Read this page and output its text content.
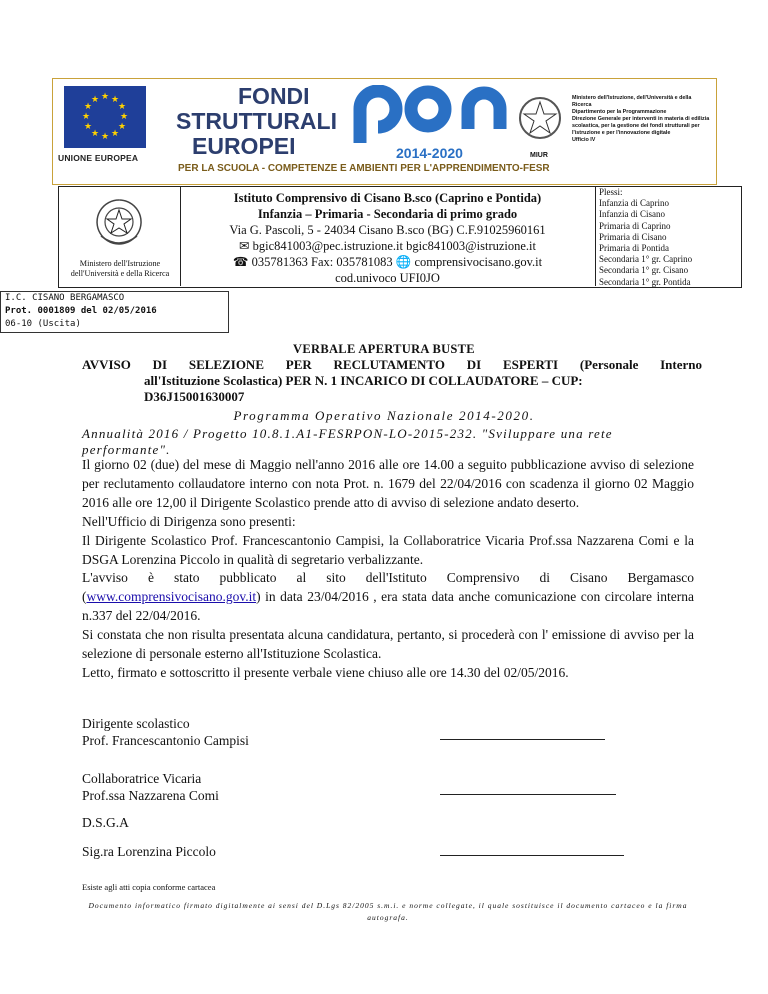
★ ★
★
★
★
★
★
★
★
★
★
★
UNIONE EUROPEA
FONDI
STRUTTURALI
EUROPEI	2014-2020
PER LA SCUOLA - COMPETENZE E AMBIENTI PER L'APPRENDIMENTO-FESR
MIUR
Ministero dell'Istruzione, dell'Università e della Ricerca
Dipartimento per la Programmazione
Direzione Generale per interventi in materia di edilizia
scolastica, per la gestione dei fondi strutturali per
l'istruzione e per l'innovazione digitale
Ufficio IV
Ministero dell'Istruzione dell'Università e della Ricerca
Istituto Comprensivo di Cisano B.sco (Caprino e Pontida)
Infanzia – Primaria - Secondaria di primo grado
Via G. Pascoli, 5 - 24034 Cisano B.sco (BG) C.F.91025960161
✉ bgic841003@pec.istruzione.it bgic841003@istruzione.it
☎ 035781363 Fax: 035781083 🌐 comprensivocisano.gov.it
cod.univoco UFI0JO
Plessi:
Infanzia di Caprino
Infanzia di Cisano
Primaria di Caprino
Primaria di Cisano
Primaria di Pontida
Secondaria 1° gr. Caprino
Secondaria 1° gr. Cisano
Secondaria 1° gr. Pontida
I.C. CISANO BERGAMASCO
Prot. 0001809 del 02/05/2016
06-10 (Uscita)
VERBALE APERTURA BUSTE
AVVISO DI SELEZIONE PER RECLUTAMENTO DI ESPERTI (Personale Interno
all'Istituzione Scolastica) PER N. 1 INCARICO DI COLLAUDATORE – CUP:
D36J15001630007
Programma Operativo Nazionale 2014-2020.
Annualità 2016 / Progetto 10.8.1.A1-FESRPON-LO-2015-232. "Sviluppare una rete performante".

Il giorno 02 (due) del mese di Maggio nell'anno 2016 alle ore 14.00 a seguito pubblicazione avviso di selezione per reclutamento collaudatore interno con nota Prot. n. 1679 del 22/04/2016 con scadenza il giorno 02 Maggio 2016 alle ore 12,00 il Dirigente Scolastico prende atto di avviso di selezione andato deserto.

Nell'Ufficio di Dirigenza sono presenti:

Il Dirigente Scolastico Prof. Francescantonio Campisi, la Collaboratrice Vicaria Prof.ssa Nazzarena Comi e la DSGA Lorenzina Piccolo in qualità di segretario verbalizzante.

L'avviso è stato pubblicato al sito dell'Istituto Comprensivo di Cisano Bergamasco (www.comprensivocisano.gov.it) in data 23/04/2016 , era stata data anche comunicazione con circolare interna n.337 del 22/04/2016.

Si constata che non risulta presentata alcuna candidatura, pertanto, si procederà con l' emissione di avviso per la selezione di personale esterno all'Istituzione Scolastica.

Letto, firmato e sottoscritto il presente verbale viene chiuso alle ore 14.30 del 02/05/2016.

Dirigente scolastico
Prof. Francescantonio Campisi
Collaboratrice Vicaria
Prof.ssa Nazzarena Comi
D.S.G.A
Sig.ra Lorenzina Piccolo
Esiste agli atti copia conforme cartacea
Documento informatico firmato digitalmente ai sensi del D.Lgs 82/2005 s.m.i. e norme collegate, il quale sostituisce il documento cartaceo e la firma autografa.
